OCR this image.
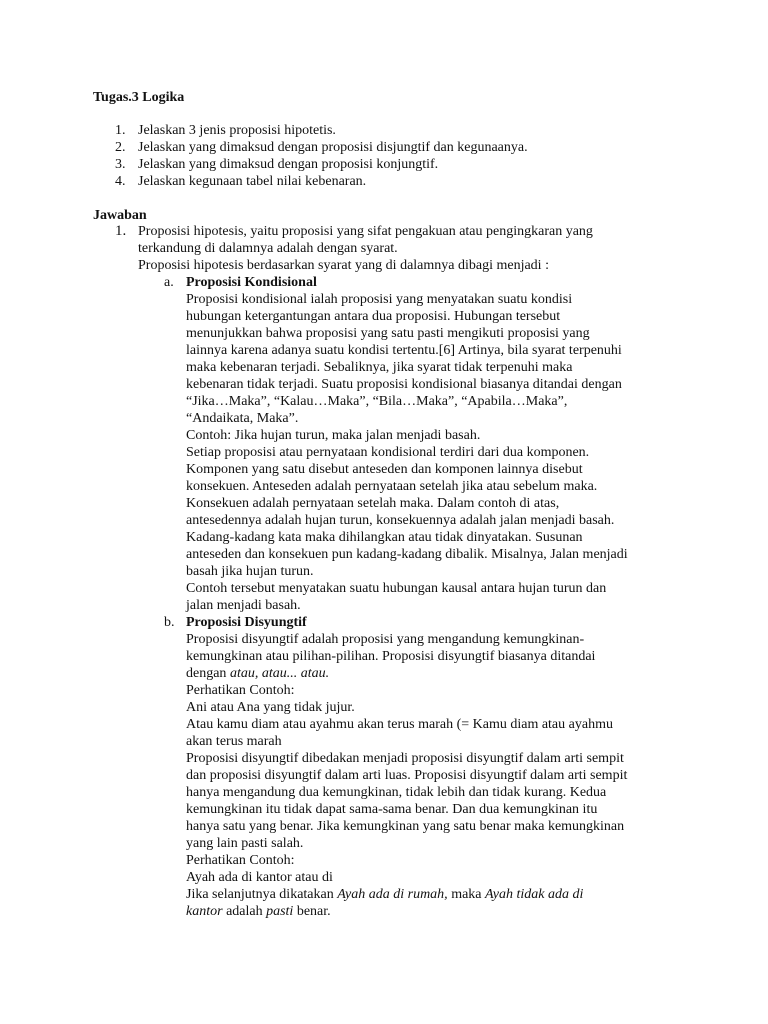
Tugas.3 Logika
1. Jelaskan 3 jenis proposisi hipotetis.
2. Jelaskan yang dimaksud dengan proposisi disjungtif dan kegunaanya.
3. Jelaskan yang dimaksud dengan proposisi konjungtif.
4. Jelaskan kegunaan tabel nilai kebenaran.
Jawaban
1. Proposisi hipotesis, yaitu proposisi yang sifat pengakuan atau pengingkaran yang
terkandung di dalamnya adalah dengan syarat.
Proposisi hipotesis berdasarkan syarat yang di dalamnya dibagi menjadi :
a. Proposisi Kondisional
Proposisi kondisional ialah proposisi yang menyatakan suatu kondisi
hubungan ketergantungan antara dua proposisi. Hubungan tersebut
menunjukkan bahwa proposisi yang satu pasti mengikuti proposisi yang
lainnya karena adanya suatu kondisi tertentu.[6] Artinya, bila syarat terpenuhi
maka kebenaran terjadi. Sebaliknya, jika syarat tidak terpenuhi maka
kebenaran tidak terjadi. Suatu proposisi kondisional biasanya ditandai dengan
“Jika…Maka”, “Kalau…Maka”, “Bila…Maka”, “Apabila…Maka”,
“Andaikata, Maka”.
Contoh: Jika hujan turun, maka jalan menjadi basah.
Setiap proposisi atau pernyataan kondisional terdiri dari dua komponen.
Komponen yang satu disebut anteseden dan komponen lainnya disebut
konsekuen. Anteseden adalah pernyataan setelah jika atau sebelum maka.
Konsekuen adalah pernyataan setelah maka. Dalam contoh di atas,
antesedennya adalah hujan turun, konsekuennya adalah jalan menjadi basah.
Kadang-kadang kata maka dihilangkan atau tidak dinyatakan. Susunan
anteseden dan konsekuen pun kadang-kadang dibalik. Misalnya, Jalan menjadi
basah jika hujan turun.
Contoh tersebut menyatakan suatu hubungan kausal antara hujan turun dan
jalan menjadi basah.
b. Proposisi Disyungtif
Proposisi disyungtif adalah proposisi yang mengandung kemungkinan-
kemungkinan atau pilihan-pilihan. Proposisi disyungtif biasanya ditandai
dengan atau, atau... atau.
Perhatikan Contoh:
Ani atau Ana yang tidak jujur.
Atau kamu diam atau ayahmu akan terus marah (= Kamu diam atau ayahmu
akan terus marah
Proposisi disyungtif dibedakan menjadi proposisi disyungtif dalam arti sempit
dan proposisi disyungtif dalam arti luas. Proposisi disyungtif dalam arti sempit
hanya mengandung dua kemungkinan, tidak lebih dan tidak kurang. Kedua
kemungkinan itu tidak dapat sama-sama benar. Dan dua kemungkinan itu
hanya satu yang benar. Jika kemungkinan yang satu benar maka kemungkinan
yang lain pasti salah.
Perhatikan Contoh:
Ayah ada di kantor atau di
Jika selanjutnya dikatakan Ayah ada di rumah, maka Ayah tidak ada di
kantor adalah pasti benar.
